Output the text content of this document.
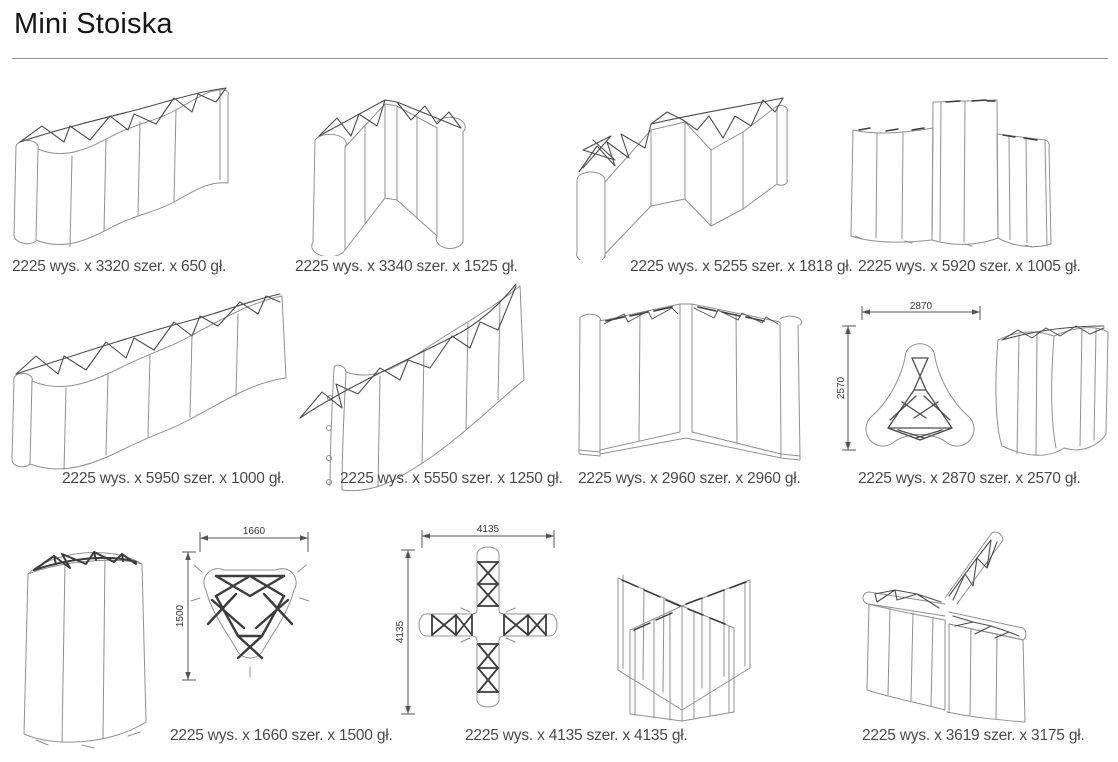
Mini Stoiska
2225 wys. x 3320 szer. x 650 gł.	2225 wys. x 3340 szer. x 1525 gł.	2225 wys. x 5255 szer. x 1818 gł. 2225 wys. x 5920 szer. x 1005 gł.
2225 wys. x 5950 szer. x 1000 gł.	2225 wys. x 5550 szer. x 1250 gł. 2225 wys. x 2960 szer. x 2960 gł.
2870
2570
2225 wys. x 2870 szer. x 2570 gł.
1660
1500
2225 wys. x 1660 szer. x 1500 gł.
4135
4135
2225 wys. x 4135 szer. x 4135 gł.	2225 wys. x 3619 szer. x 3175 gł.
